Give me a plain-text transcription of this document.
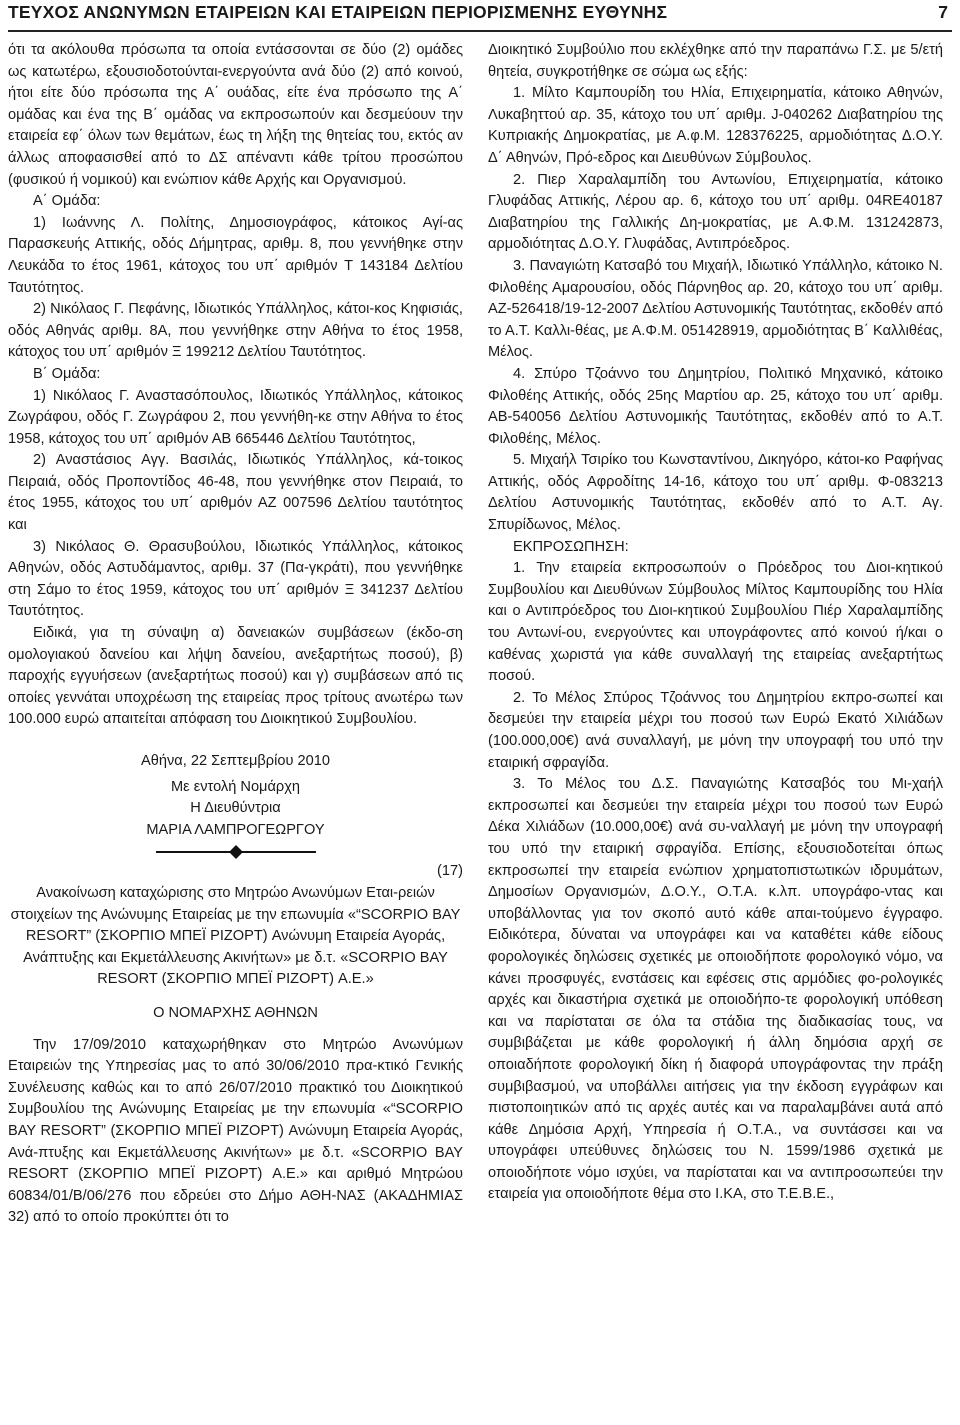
ΤΕΥΧΟΣ ΑΝΩΝΥΜΩΝ ΕΤΑΙΡΕΙΩΝ ΚΑΙ ΕΤΑΙΡΕΙΩΝ ΠΕΡΙΟΡΙΣΜΕΝΗΣ ΕΥΘΥΝΗΣ	7

ότι τα ακόλουθα πρόσωπα τα οποία εντάσσονται σε δύο (2) ομάδες ως κατωτέρω, εξουσιοδοτούνται-ενεργούντα ανά δύο (2) από κοινού, ήτοι είτε δύο πρόσωπα της Α΄ ουάδας, είτε ένα πρόσωπο της Α΄ ομάδας και ένα της Β΄ ομάδας να εκπροσωπούν και δεσμεύουν την εταιρεία εφ΄ όλων των θεμάτων, έως τη λήξη της θητείας του, εκτός αν άλλως αποφασισθεί από το ΔΣ απέναντι κάθε τρίτου προσώπου (φυσικού ή νομικού) και ενώπιον κάθε Αρχής και Οργανισμού.

Α΄ Ομάδα:

1) Ιωάννης Λ. Πολίτης, Δημοσιογράφος, κάτοικος Αγί-ας Παρασκευής Αττικής, οδός Δήμητρας, αριθμ. 8, που γεννήθηκε στην Λευκάδα το έτος 1961, κάτοχος του υπ΄ αριθμόν Τ 143184 Δελτίου Ταυτότητος.

2) Νικόλαος Γ. Πεφάνης, Ιδιωτικός Υπάλληλος, κάτοι-κος Κηφισιάς, οδός Αθηνάς αριθμ. 8Α, που γεννήθηκε στην Αθήνα το έτος 1958, κάτοχος του υπ΄ αριθμόν Ξ 199212 Δελτίου Ταυτότητος.

Β΄ Ομάδα:

1) Νικόλαος Γ. Αναστασόπουλος, Ιδιωτικός Υπάλληλος, κάτοικος Ζωγράφου, οδός Γ. Ζωγράφου 2, που γεννήθη-κε στην Αθήνα το έτος 1958, κάτοχος του υπ΄ αριθμόν ΑΒ 665446 Δελτίου Ταυτότητος,

2) Αναστάσιος Αγγ. Βασιλάς, Ιδιωτικός Υπάλληλος, κά-τοικος Πειραιά, οδός Προποντίδος 46-48, που γεννήθηκε στον Πειραιά, το έτος 1955, κάτοχος του υπ΄ αριθμόν ΑΖ 007596 Δελτίου ταυτότητος και

3) Νικόλαος Θ. Θρασυβούλου, Ιδιωτικός Υπάλληλος, κάτοικος Αθηνών, οδός Αστυδάμαντος, αριθμ. 37 (Πα-γκράτι), που γεννήθηκε στη Σάμο το έτος 1959, κάτοχος του υπ΄ αριθμόν Ξ 341237 Δελτίου Ταυτότητος.

Ειδικά, για τη σύναψη α) δανειακών συμβάσεων (έκδο-ση ομολογιακού δανείου και λήψη δανείου, ανεξαρτήτως ποσού), β) παροχής εγγυήσεων (ανεξαρτήτως ποσού) και γ) συμβάσεων από τις οποίες γεννάται υποχρέωση της εταιρείας προς τρίτους ανωτέρω των 100.000 ευρώ απαιτείται απόφαση του Διοικητικού Συμβουλίου.

Αθήνα, 22 Σεπτεμβρίου 2010

Με εντολή Νομάρχη

Η Διευθύντρια

ΜΑΡΙΑ ΛΑΜΠΡΟΓΕΩΡΓΟΥ

(17)

Ανακοίνωση καταχώρισης στο Μητρώο Ανωνύμων Εται-ρειών στοιχείων της Ανώνυμης Εταιρείας με την επωνυμία «“SCORPIO BAY RESORT” (ΣΚΟΡΠΙΟ ΜΠΕΪ ΡΙΖΟΡΤ) Ανώνυμη Εταιρεία Αγοράς, Ανάπτυξης και Εκμετάλλευσης Ακινήτων» με δ.τ. «SCORPIO BAY RESORT (ΣΚΟΡΠΙΟ ΜΠΕΪ ΡΙΖΟΡΤ) Α.Ε.»

Ο ΝΟΜΑΡΧΗΣ ΑΘΗΝΩΝ

Την 17/09/2010 καταχωρήθηκαν στο Μητρώο Ανωνύμων Εταιρειών της Υπηρεσίας μας το από 30/06/2010 πρα-κτικό Γενικής Συνέλευσης καθώς και το από 26/07/2010 πρακτικό του Διοικητικού Συμβουλίου της Ανώνυμης Εταιρείας με την επωνυμία «“SCORPIO BAY RESORT” (ΣΚΟΡΠΙΟ ΜΠΕΪ ΡΙΖΟΡΤ) Ανώνυμη Εταιρεία Αγοράς, Ανά-πτυξης και Εκμετάλλευσης Ακινήτων» με δ.τ. «SCORPIO BAY RESORT (ΣΚΟΡΠΙΟ ΜΠΕΪ ΡΙΖΟΡΤ) Α.Ε.» και αριθμό Μητρώου 60834/01/Β/06/276 που εδρεύει στο Δήμο ΑΘΗ-ΝΑΣ (ΑΚΑΔΗΜΙΑΣ 32) από το οποίο προκύπτει ότι το

Διοικητικό Συμβούλιο που εκλέχθηκε από την παραπάνω Γ.Σ. με 5/ετή θητεία, συγκροτήθηκε σε σώμα ως εξής:

1. Μίλτο Καμπουρίδη του Ηλία, Επιχειρηματία, κάτοικο Αθηνών, Λυκαβηττού αρ. 35, κάτοχο του υπ΄ αριθμ. J-040262 Διαβατηρίου της Κυπριακής Δημοκρατίας, με Α.φ.Μ. 128376225, αρμοδιότητας Δ.Ο.Υ. Δ΄ Αθηνών, Πρό-εδρος και Διευθύνων Σύμβουλος.

2. Πιερ Χαραλαμπίδη του Αντωνίου, Επιχειρηματία, κάτοικο Γλυφάδας Αττικής, Λέρου αρ. 6, κάτοχο του υπ΄ αριθμ. 04RE40187 Διαβατηρίου της Γαλλικής Δη-μοκρατίας, με Α.Φ.Μ. 131242873, αρμοδιότητας Δ.Ο.Υ. Γλυφάδας, Αντιπρόεδρος.

3. Παναγιώτη Κατσαβό του Μιχαήλ, Ιδιωτικό Υπάλληλο, κάτοικο Ν. Φιλοθέης Αμαρουσίου, οδός Πάρνηθος αρ. 20, κάτοχο του υπ΄ αριθμ. ΑΖ-526418/19-12-2007 Δελτίου Αστυνομικής Ταυτότητας, εκδοθέν από το Α.Τ. Καλλι-θέας, με Α.Φ.Μ. 051428919, αρμοδιότητας Β΄ Καλλιθέας, Μέλος.

4. Σπύρο Τζοάννο του Δημητρίου, Πολιτικό Μηχανικό, κάτοικο Φιλοθέης Αττικής, οδός 25ης Μαρτίου αρ. 25, κάτοχο του υπ΄ αριθμ. ΑΒ-540056 Δελτίου Αστυνομικής Ταυτότητας, εκδοθέν από το Α.Τ. Φιλοθέης, Μέλος.

5. Μιχαήλ Τσιρίκο του Κωνσταντίνου, Δικηγόρο, κάτοι-κο Ραφήνας Αττικής, οδός Αφροδίτης 14-16, κάτοχο του υπ΄ αριθμ. Φ-083213 Δελτίου Αστυνομικής Ταυτότητας, εκδοθέν από το Α.Τ. Αγ. Σπυρίδωνος, Μέλος.

ΕΚΠΡΟΣΩΠΗΣΗ:

1. Την εταιρεία εκπροσωπούν ο Πρόεδρος του Διοι-κητικού Συμβουλίου και Διευθύνων Σύμβουλος Μίλτος Καμπουρίδης του Ηλία και ο Αντιπρόεδρος του Διοι-κητικού Συμβουλίου Πιέρ Χαραλαμπίδης του Αντωνί-ου, ενεργούντες και υπογράφοντες από κοινού ή/και ο καθένας χωριστά για κάθε συναλλαγή της εταιρείας ανεξαρτήτως ποσού.

2. Το Μέλος Σπύρος Τζοάννος του Δημητρίου εκπρο-σωπεί και δεσμεύει την εταιρεία μέχρι του ποσού των Ευρώ Εκατό Χιλιάδων (100.000,00€) ανά συναλλαγή, με μόνη την υπογραφή του υπό την εταιρική σφραγίδα.

3. Το Μέλος του Δ.Σ. Παναγιώτης Κατσαβός του Μι-χαήλ εκπροσωπεί και δεσμεύει την εταιρεία μέχρι του ποσού των Ευρώ Δέκα Χιλιάδων (10.000,00€) ανά συ-ναλλαγή με μόνη την υπογραφή του υπό την εταιρική σφραγίδα. Επίσης, εξουσιοδοτείται όπως εκπροσωπεί την εταιρεία ενώπιον χρηματοπιστωτικών ιδρυμάτων, Δημοσίων Οργανισμών, Δ.Ο.Υ., Ο.Τ.Α. κ.λπ. υπογράφο-ντας και υποβάλλοντας για τον σκοπό αυτό κάθε απαι-τούμενο έγγραφο. Ειδικότερα, δύναται να υπογράφει και να καταθέτει κάθε είδους φορολογικές δηλώσεις σχετικές με οποιοδήποτε φορολογικό νόμο, να κάνει προσφυγές, ενστάσεις και εφέσεις στις αρμόδιες φο-ρολογικές αρχές και δικαστήρια σχετικά με οποιοδήπο-τε φορολογική υπόθεση και να παρίσταται σε όλα τα στάδια της διαδικασίας τους, να συμβιβάζεται με κάθε φορολογική ή άλλη δημόσια αρχή σε οποιαδήποτε φορολογική δίκη ή διαφορά υπογράφοντας την πράξη συμβιβασμού, να υποβάλλει αιτήσεις για την έκδοση εγγράφων και πιστοποιητικών από τις αρχές αυτές και να παραλαμβάνει αυτά από κάθε Δημόσια Αρχή, Υπηρεσία ή Ο.Τ.Α., να συντάσσει και να υπογράφει υπεύθυνες δηλώσεις του Ν. 1599/1986 σχετικά με οποιοδήποτε νόμο ισχύει, να παρίσταται και να αντιπροσωπεύει την εταιρεία για οποιοδήποτε θέμα στο Ι.ΚΑ, στο Τ.Ε.Β.Ε.,
